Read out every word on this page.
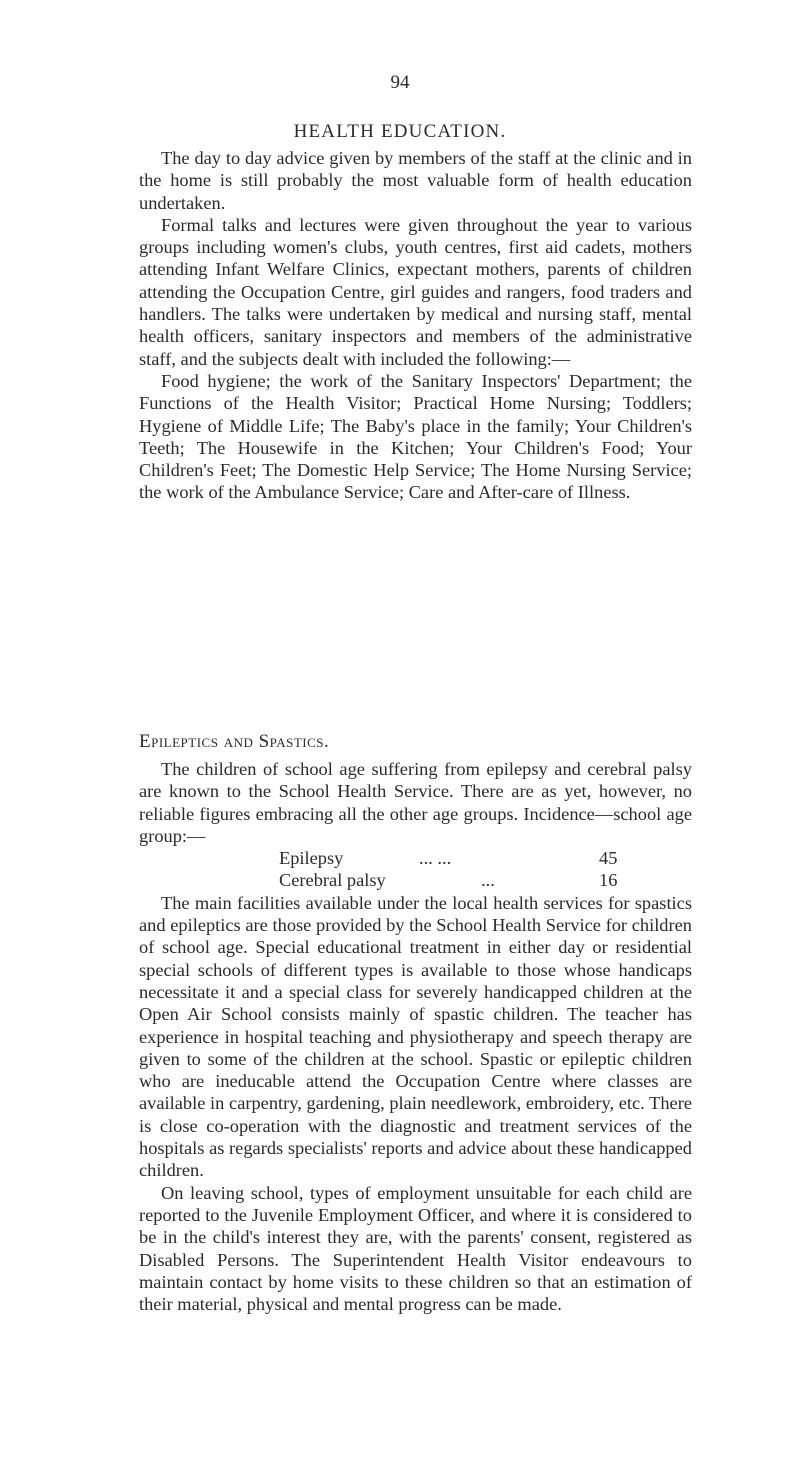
94
HEALTH EDUCATION.

The day to day advice given by members of the staff at the clinic and in the home is still probably the most valuable form of health education undertaken.

Formal talks and lectures were given throughout the year to various groups including women's clubs, youth centres, first aid cadets, mothers attending Infant Welfare Clinics, expectant mothers, parents of children attending the Occupation Centre, girl guides and rangers, food traders and handlers. The talks were undertaken by medical and nursing staff, mental health officers, sanitary inspectors and members of the administrative staff, and the subjects dealt with included the following:—

Food hygiene; the work of the Sanitary Inspectors' Department; the Functions of the Health Visitor; Practical Home Nursing; Toddlers; Hygiene of Middle Life; The Baby's place in the family; Your Children's Teeth; The Housewife in the Kitchen; Your Children's Food; Your Children's Feet; The Domestic Help Service; The Home Nursing Service; the work of the Ambulance Service; Care and After-care of Illness.

Epileptics and Spastics.

The children of school age suffering from epilepsy and cerebral palsy are known to the School Health Service. There are as yet, however, no reliable figures embracing all the other age groups. Incidence—school age group:—

Epilepsy	... ...	45
Cerebral palsy	...	16

The main facilities available under the local health services for spastics and epileptics are those provided by the School Health Service for children of school age. Special educational treatment in either day or residential special schools of different types is available to those whose handicaps necessitate it and a special class for severely handicapped children at the Open Air School consists mainly of spastic children. The teacher has experience in hospital teaching and physiotherapy and speech therapy are given to some of the children at the school. Spastic or epileptic children who are ineducable attend the Occupation Centre where classes are available in carpentry, gardening, plain needlework, embroidery, etc. There is close co-operation with the diagnostic and treatment services of the hospitals as regards specialists' reports and advice about these handicapped children.

On leaving school, types of employment unsuitable for each child are reported to the Juvenile Employment Officer, and where it is considered to be in the child's interest they are, with the parents' consent, registered as Disabled Persons. The Superintendent Health Visitor endeavours to maintain contact by home visits to these children so that an estimation of their material, physical and mental progress can be made.
